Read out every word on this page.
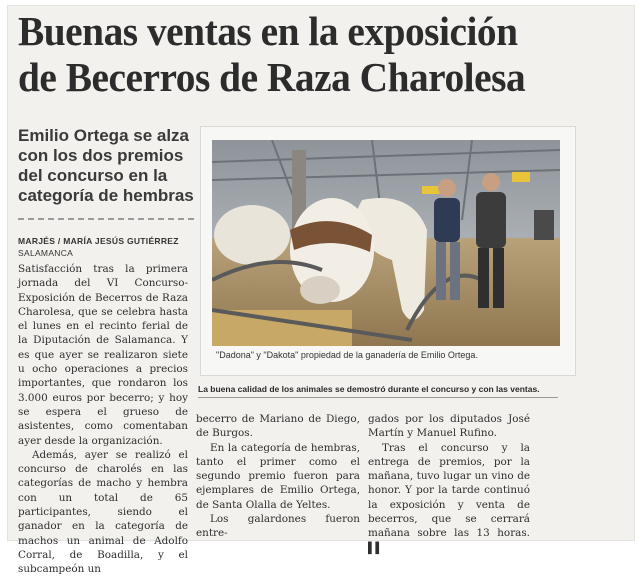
Buenas ventas en la exposición
de Becerros de Raza Charolesa
Emilio Ortega se alza con los dos premios del concurso en la categoría de hembras
MARJÉS / MARÍA JESÚS GUTIÉRREZ
SALAMANCA

Satisfacción tras la primera jornada del VI Concurso-Exposición de Becerros de Raza Charolesa, que se celebra hasta el lunes en el recinto ferial de la Diputación de Salamanca. Y es que ayer se realizaron siete u ocho operaciones a precios importantes, que rondaron los 3.000 euros por becerro; y hoy se espera el grueso de asistentes, como comentaban ayer desde la organización.

Además, ayer se realizó el concurso de charolés en las categorías de macho y hembra con un total de 65 participantes, siendo el ganador en la categoría de machos un animal de Adolfo Corral, de Boadilla, y el subcampeón un

"Dadona" y "Dakota" propiedad de la ganadería de Emilio Ortega.
La buena calidad de los animales se demostró durante el concurso y con las ventas.

becerro de Mariano de Diego, de Burgos.

En la categoría de hembras, tanto el primer como el segundo premio fueron para ejemplares de Emilio Ortega, de Santa Olalla de Yeltes.

Los galardones fueron entre-

gados por los diputados José Martín y Manuel Rufino.

Tras el concurso y la entrega de premios, por la mañana, tuvo lugar un vino de honor. Y por la tarde continuó la exposición y venta de becerros, que se cerrará mañana sobre las 13 horas. ▌▌
